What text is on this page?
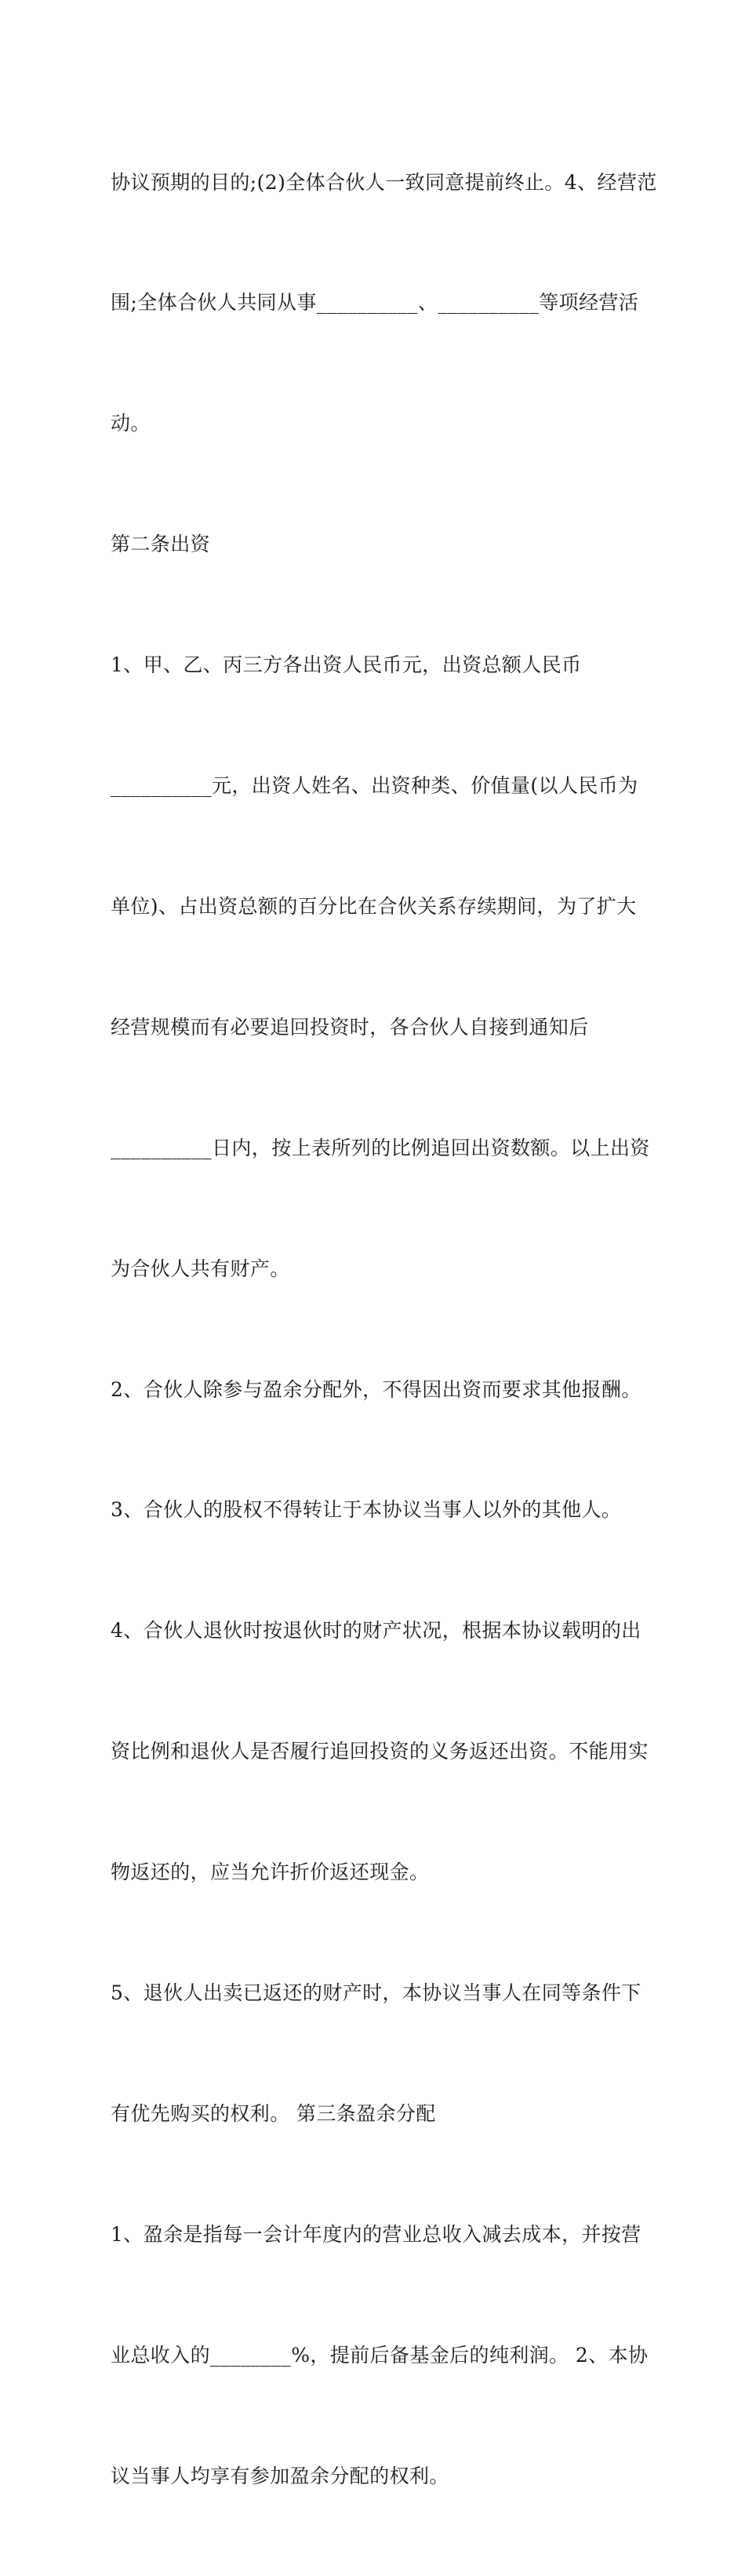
协议预期的目的;(2)全体合伙人一致同意提前终止。4、经营范

围;全体合伙人共同从事__________、__________等项经营活

动。

第二条出资

1、甲、乙、丙三方各出资人民币元，出资总额人民币

__________元，出资人姓名、出资种类、价值量(以人民币为

单位)、占出资总额的百分比在合伙关系存续期间，为了扩大

经营规模而有必要追回投资时，各合伙人自接到通知后

__________日内，按上表所列的比例追回出资数额。以上出资

为合伙人共有财产。

2、合伙人除参与盈余分配外，不得因出资而要求其他报酬。

3、合伙人的股权不得转让于本协议当事人以外的其他人。

4、合伙人退伙时按退伙时的财产状况，根据本协议载明的出

资比例和退伙人是否履行追回投资的义务返还出资。不能用实

物返还的，应当允许折价返还现金。

5、退伙人出卖已返还的财产时，本协议当事人在同等条件下

有优先购买的权利。 第三条盈余分配

1、盈余是指每一会计年度内的营业总收入减去成本，并按营

业总收入的________%，提前后备基金后的纯利润。 2、本协

议当事人均享有参加盈余分配的权利。
